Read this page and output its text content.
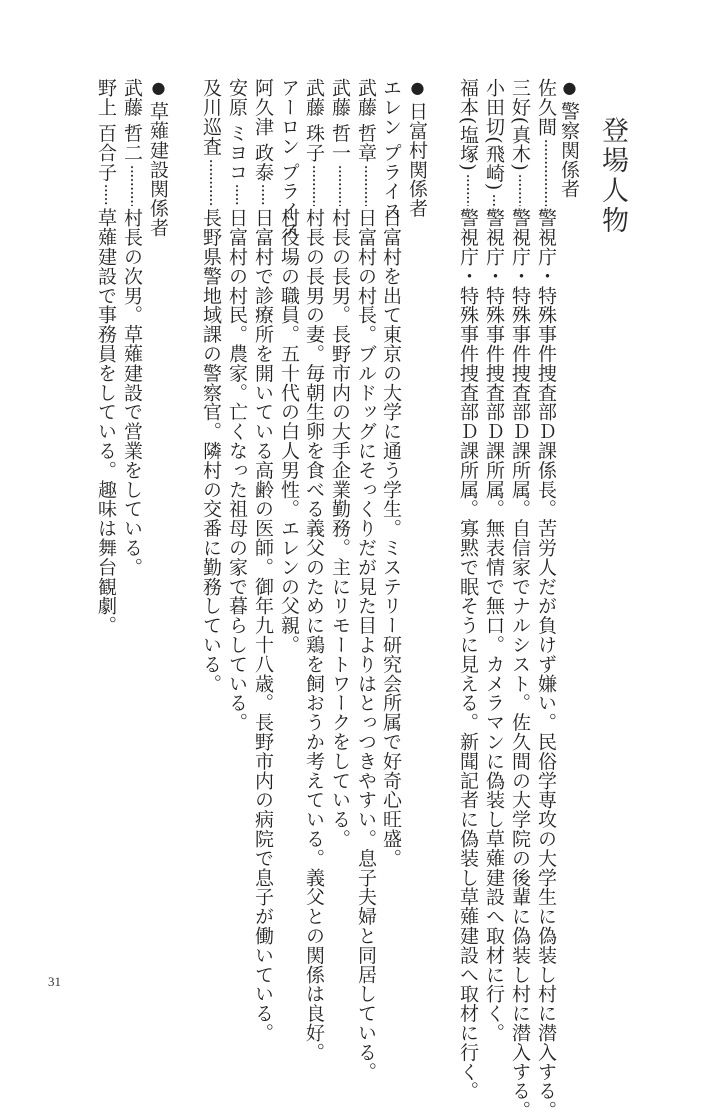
登場人物
●警察関係者
佐久間
警視庁・特殊事件捜査部Ｄ課係長。苦労人だが負けず嫌い。民俗学専攻の大学生に偽装し村に潜入する。
三好(真木)
警視庁・特殊事件捜査部Ｄ課所属。自信家でナルシスト。佐久間の大学院の後輩に偽装し村に潜入する。
小田切(飛崎)
警視庁・特殊事件捜査部Ｄ課所属。無表情で無口。カメラマンに偽装し草薙建設へ取材に行く。
福本(塩塚)
警視庁・特殊事件捜査部Ｄ課所属。寡黙で眠そうに見える。新聞記者に偽装し草薙建設へ取材に行く。
●日富村関係者
エレン プライス
日富村を出て東京の大学に通う学生。ミステリー研究会所属で好奇心旺盛。
武藤 哲章
日富村の村長。ブルドッグにそっくりだが見た目よりはとっつきやすい。息子夫婦と同居している。
武藤 哲一
村長の長男。長野市内の大手企業勤務。主にリモートワークをしている。
武藤 珠子
村長の長男の妻。毎朝生卵を食べる義父のために鶏を飼おうか考えている。義父との関係は良好。
アーロン プライス
村役場の職員。五十代の白人男性。エレンの父親。
阿久津 政泰
日富村で診療所を開いている高齢の医師。御年九十八歳。長野市内の病院で息子が働いている。
安原 ミヨコ
日富村の村民。農家。亡くなった祖母の家で暮らしている。
及川巡査
長野県警地域課の警察官。隣村の交番に勤務している。
●草薙建設関係者
武藤 哲二
村長の次男。草薙建設で営業をしている。
野上 百合子
草薙建設で事務員をしている。趣味は舞台観劇。
31
